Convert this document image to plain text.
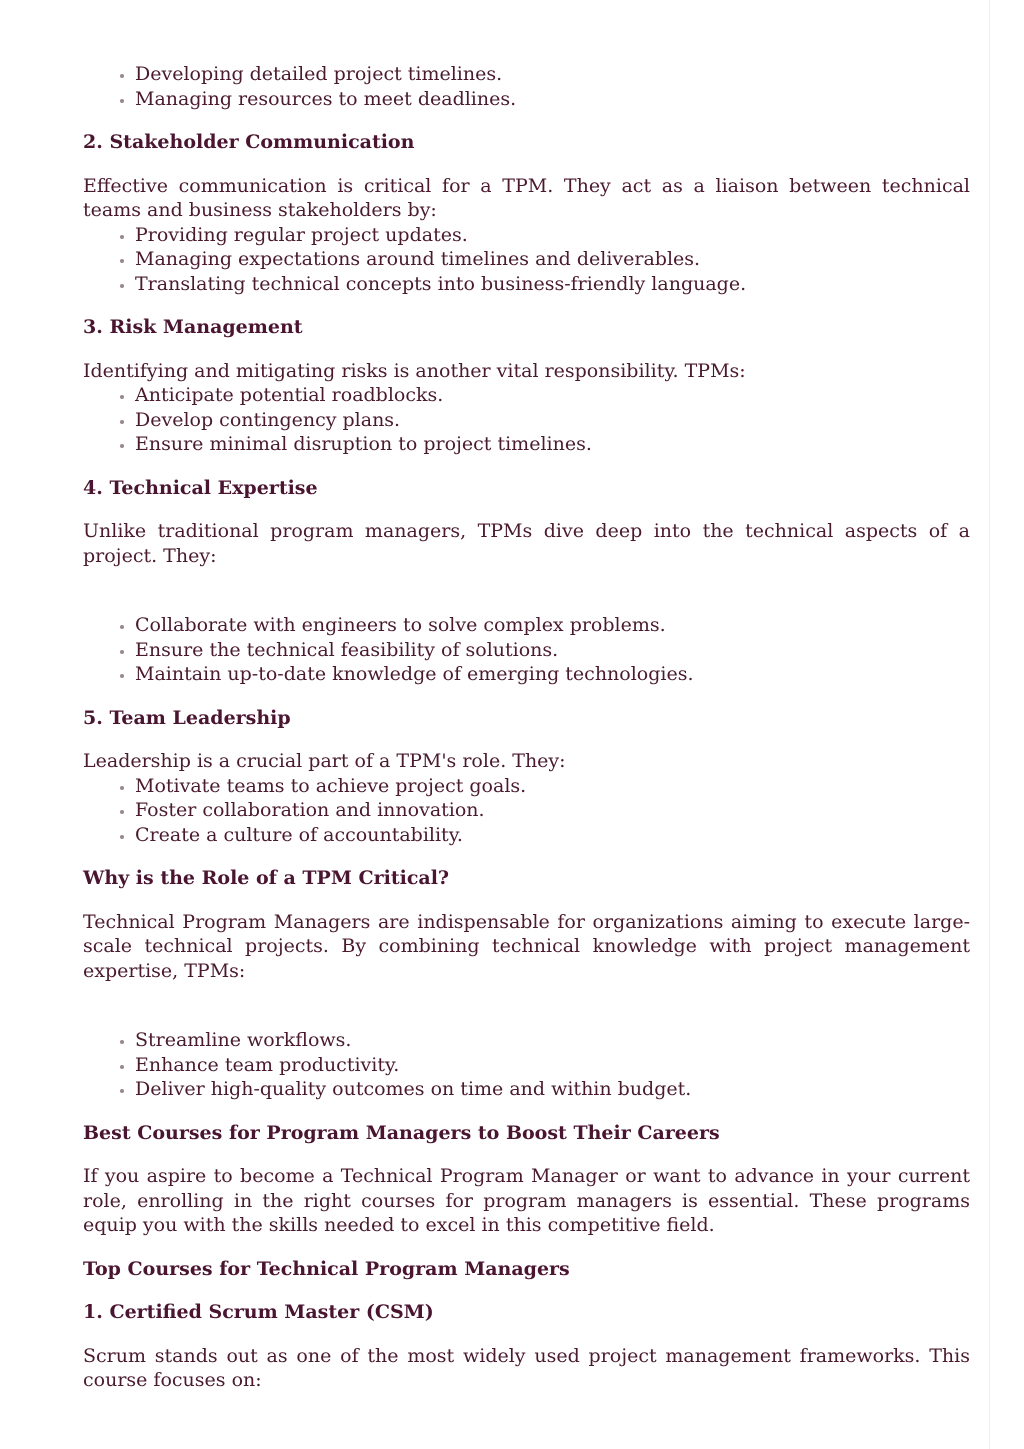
• Developing detailed project timelines.
• Managing resources to meet deadlines.
2. Stakeholder Communication

Effective communication is critical for a TPM. They act as a liaison between technical teams and business stakeholders by:

• Providing regular project updates.
• Managing expectations around timelines and deliverables.
• Translating technical concepts into business-friendly language.
3. Risk Management

Identifying and mitigating risks is another vital responsibility. TPMs:

• Anticipate potential roadblocks.
• Develop contingency plans.
• Ensure minimal disruption to project timelines.
4. Technical Expertise

Unlike traditional program managers, TPMs dive deep into the technical aspects of a project. They:

• Collaborate with engineers to solve complex problems.
• Ensure the technical feasibility of solutions.
• Maintain up-to-date knowledge of emerging technologies.
5. Team Leadership

Leadership is a crucial part of a TPM's role. They:

• Motivate teams to achieve project goals.
• Foster collaboration and innovation.
• Create a culture of accountability.
Why is the Role of a TPM Critical?

Technical Program Managers are indispensable for organizations aiming to execute large-scale technical projects. By combining technical knowledge with project management expertise, TPMs:

• Streamline workflows.
• Enhance team productivity.
• Deliver high-quality outcomes on time and within budget.
Best Courses for Program Managers to Boost Their Careers

If you aspire to become a Technical Program Manager or want to advance in your current role, enrolling in the right courses for program managers is essential. These programs equip you with the skills needed to excel in this competitive field.

Top Courses for Technical Program Managers
1. Certified Scrum Master (CSM)

Scrum stands out as one of the most widely used project management frameworks. This course focuses on:
